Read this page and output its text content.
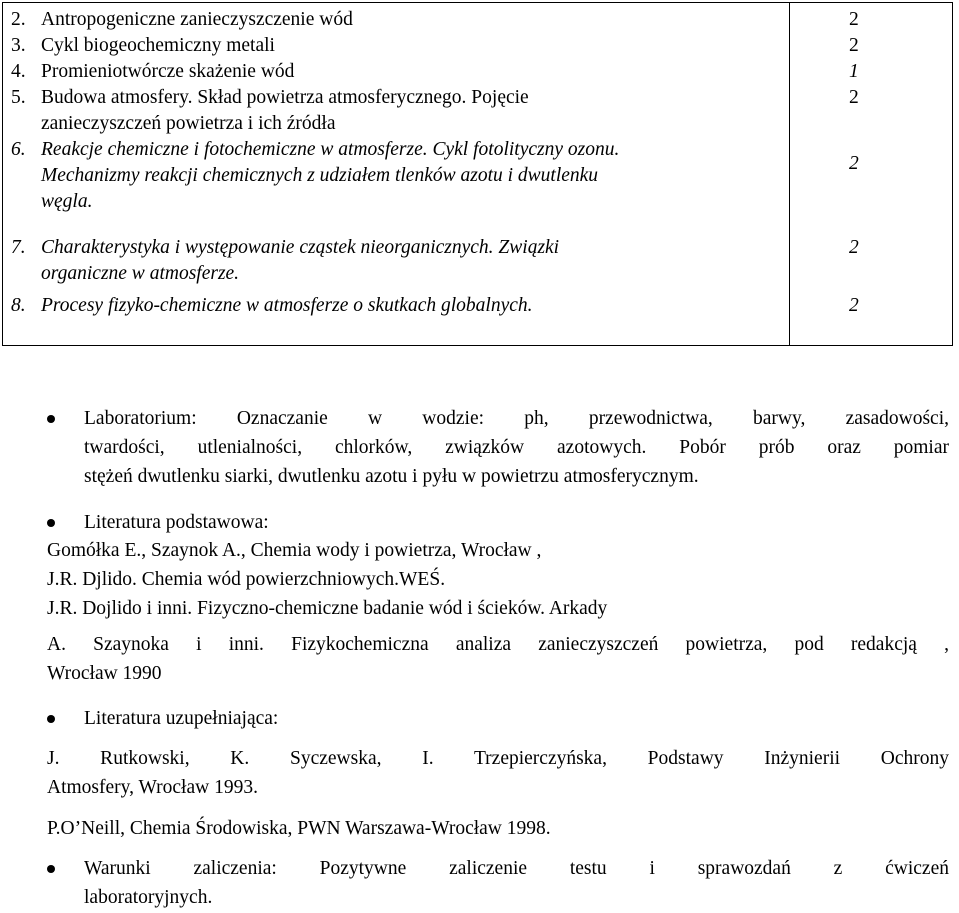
2. Antropogeniczne zanieczyszczenie wód	2
3. Cykl biogeochemiczny metali	2
4. Promieniotwórcze skażenie wód	1
5. Budowa atmosfery. Skład powietrza atmosferycznego. Pojęcie
zanieczyszczeń powietrza i ich źródła
2
6. Reakcje chemiczne i fotochemiczne w atmosferze. Cykl fotolityczny ozonu.
Mechanizmy reakcji chemicznych z udziałem tlenków azotu i dwutlenku
węgla.
2
7. Charakterystyka i występowanie cząstek nieorganicznych. Związki
organiczne w atmosferze.
2
8. Procesy fizyko-chemiczne w atmosferze o skutkach globalnych.	2
Laboratorium: Oznaczanie w wodzie: ph, przewodnictwa, barwy, zasadowości,
twardości, utlenialności, chlorków, związków azotowych. Pobór prób oraz pomiar
stężeń dwutlenku siarki, dwutlenku azotu i pyłu w powietrzu atmosferycznym.
Literatura podstawowa:
Gomółka E., Szaynok A., Chemia wody i powietrza, Wrocław ,
J.R. Djlido. Chemia wód powierzchniowych.WEŚ.
J.R. Dojlido i inni. Fizyczno-chemiczne badanie wód i ścieków. Arkady
A. Szaynoka i inni. Fizykochemiczna analiza zanieczyszczeń powietrza, pod redakcją ,
Wrocław 1990
Literatura uzupełniająca:
J. Rutkowski, K. Syczewska, I. Trzepierczyńska, Podstawy Inżynierii Ochrony
Atmosfery, Wrocław 1993.
P.O’Neill, Chemia Środowiska, PWN Warszawa-Wrocław 1998.
Warunki zaliczenia: Pozytywne zaliczenie testu i sprawozdań z ćwiczeń
laboratoryjnych.
